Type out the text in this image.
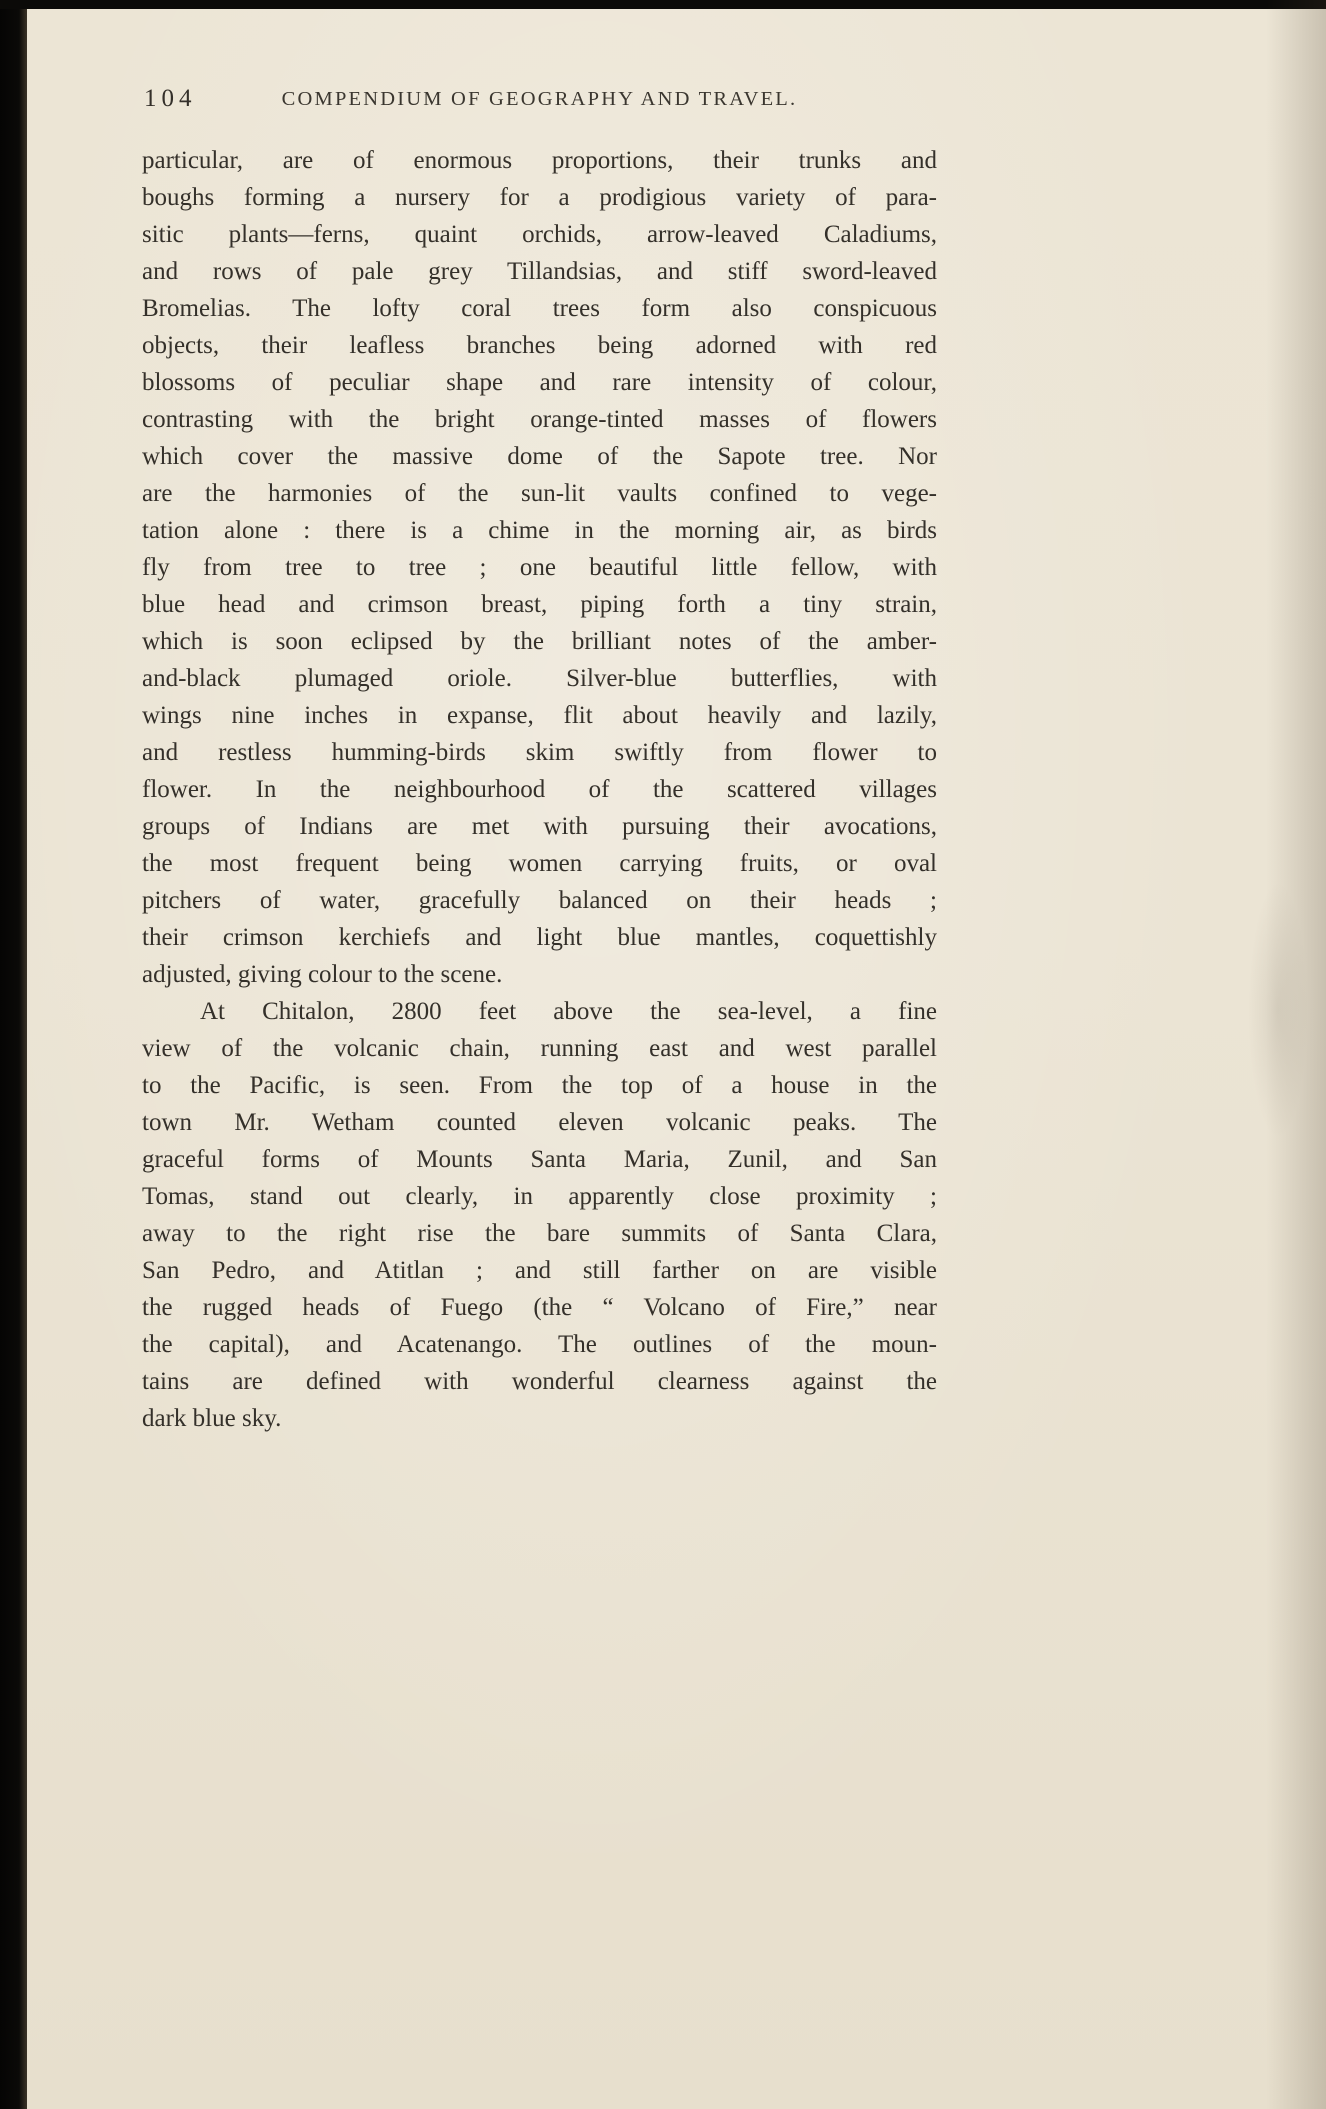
104	COMPENDIUM OF GEOGRAPHY AND TRAVEL.
particular, are of enormous proportions, their trunks and
boughs forming a nursery for a prodigious variety of para-
sitic plants—ferns, quaint orchids, arrow-leaved Caladiums,
and rows of pale grey Tillandsias, and stiff sword-leaved
Bromelias. The lofty coral trees form also conspicuous
objects, their leafless branches being adorned with red
blossoms of peculiar shape and rare intensity of colour,
contrasting with the bright orange-tinted masses of flowers
which cover the massive dome of the Sapote tree. Nor
are the harmonies of the sun-lit vaults confined to vege-
tation alone : there is a chime in the morning air, as birds
fly from tree to tree ; one beautiful little fellow, with
blue head and crimson breast, piping forth a tiny strain,
which is soon eclipsed by the brilliant notes of the amber-
and-black plumaged oriole. Silver-blue butterflies, with
wings nine inches in expanse, flit about heavily and lazily,
and restless humming-birds skim swiftly from flower to
flower. In the neighbourhood of the scattered villages
groups of Indians are met with pursuing their avocations,
the most frequent being women carrying fruits, or oval
pitchers of water, gracefully balanced on their heads ;
their crimson kerchiefs and light blue mantles, coquettishly
adjusted, giving colour to the scene.
At Chitalon, 2800 feet above the sea-level, a fine
view of the volcanic chain, running east and west parallel
to the Pacific, is seen. From the top of a house in the
town Mr. Wetham counted eleven volcanic peaks. The
graceful forms of Mounts Santa Maria, Zunil, and San
Tomas, stand out clearly, in apparently close proximity ;
away to the right rise the bare summits of Santa Clara,
San Pedro, and Atitlan ; and still farther on are visible
the rugged heads of Fuego (the “ Volcano of Fire,” near
the capital), and Acatenango. The outlines of the moun-
tains are defined with wonderful clearness against the
dark blue sky.
